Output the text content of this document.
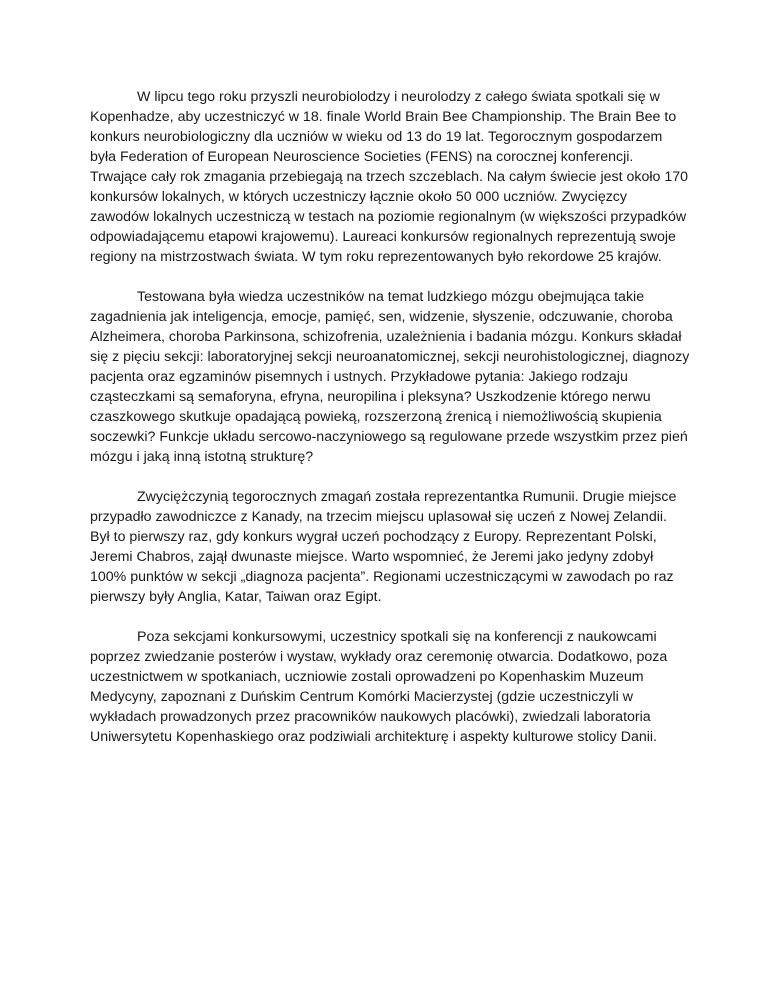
W lipcu tego roku przyszli neurobiolodzy i neurolodzy z całego świata spotkali się w Kopenhadze, aby uczestniczyć w 18. finale World Brain Bee Championship. The Brain Bee to konkurs neurobiologiczny dla uczniów w wieku od 13 do 19 lat. Tegorocznym gospodarzem była Federation of European Neuroscience Societies (FENS) na corocznej konferencji. Trwające cały rok zmagania przebiegają na trzech szczeblach. Na całym świecie jest około 170 konkursów lokalnych, w których uczestniczy łącznie około 50 000 uczniów. Zwycięzcy zawodów lokalnych uczestniczą w testach na poziomie regionalnym (w większości przypadków odpowiadającemu etapowi krajowemu). Laureaci konkursów regionalnych reprezentują swoje regiony na mistrzostwach świata. W tym roku reprezentowanych było rekordowe 25 krajów.

Testowana była wiedza uczestników na temat ludzkiego mózgu obejmująca takie zagadnienia jak inteligencja, emocje, pamięć, sen, widzenie, słyszenie, odczuwanie, choroba Alzheimera, choroba Parkinsona, schizofrenia, uzależnienia i badania mózgu. Konkurs składał się z pięciu sekcji: laboratoryjnej sekcji neuroanatomicznej, sekcji neurohistologicznej, diagnozy pacjenta oraz egzaminów pisemnych i ustnych. Przykładowe pytania: Jakiego rodzaju cząsteczkami są semaforyna, efryna, neuropilina i pleksyna? Uszkodzenie którego nerwu czaszkowego skutkuje opadającą powieką, rozszerzoną źrenicą i niemożliwością skupienia soczewki? Funkcje układu sercowo-naczyniowego są regulowane przede wszystkim przez pień mózgu i jaką inną istotną strukturę?

Zwyciężczynią tegorocznych zmagań została reprezentantka Rumunii. Drugie miejsce przypadło zawodniczce z Kanady, na trzecim miejscu uplasował się uczeń z Nowej Zelandii. Był to pierwszy raz, gdy konkurs wygrał uczeń pochodzący z Europy. Reprezentant Polski, Jeremi Chabros, zajął dwunaste miejsce. Warto wspomnieć, że Jeremi jako jedyny zdobył 100% punktów w sekcji „diagnoza pacjenta”. Regionami uczestniczącymi w zawodach po raz pierwszy były Anglia, Katar, Taiwan oraz Egipt.

Poza sekcjami konkursowymi, uczestnicy spotkali się na konferencji z naukowcami poprzez zwiedzanie posterów i wystaw, wykłady oraz ceremonię otwarcia. Dodatkowo, poza uczestnictwem w spotkaniach, uczniowie zostali oprowadzeni po Kopenhaskim Muzeum Medycyny, zapoznani z Duńskim Centrum Komórki Macierzystej (gdzie uczestniczyli w wykładach prowadzonych przez pracowników naukowych placówki), zwiedzali laboratoria Uniwersytetu Kopenhaskiego oraz podziwiali architekturę i aspekty kulturowe stolicy Danii.
